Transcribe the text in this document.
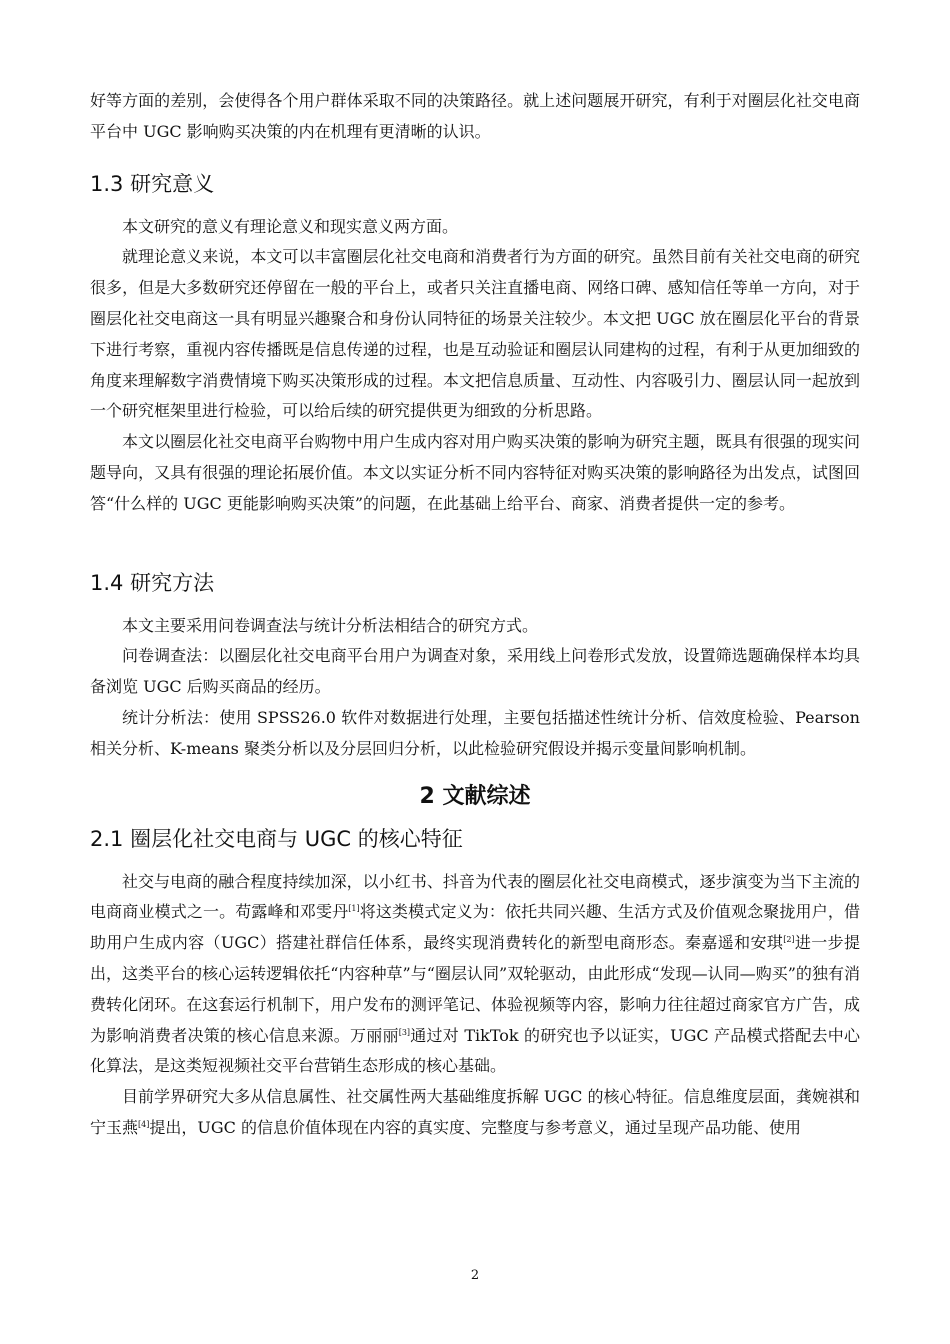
好等方面的差别，会使得各个用户群体采取不同的决策路径。就上述问题展开研究，有利于对圈层化社交电商平台中 UGC 影响购买决策的内在机理有更清晰的认识。

1.3 研究意义

本文研究的意义有理论意义和现实意义两方面。

就理论意义来说，本文可以丰富圈层化社交电商和消费者行为方面的研究。虽然目前有关社交电商的研究很多，但是大多数研究还停留在一般的平台上，或者只关注直播电商、网络口碑、感知信任等单一方向，对于圈层化社交电商这一具有明显兴趣聚合和身份认同特征的场景关注较少。本文把 UGC 放在圈层化平台的背景下进行考察，重视内容传播既是信息传递的过程，也是互动验证和圈层认同建构的过程，有利于从更加细致的角度来理解数字消费情境下购买决策形成的过程。本文把信息质量、互动性、内容吸引力、圈层认同一起放到一个研究框架里进行检验，可以给后续的研究提供更为细致的分析思路。

本文以圈层化社交电商平台购物中用户生成内容对用户购买决策的影响为研究主题，既具有很强的现实问题导向，又具有很强的理论拓展价值。本文以实证分析不同内容特征对购买决策的影响路径为出发点，试图回答“什么样的 UGC 更能影响购买决策”的问题，在此基础上给平台、商家、消费者提供一定的参考。

1.4 研究方法

本文主要采用问卷调查法与统计分析法相结合的研究方式。

问卷调查法：以圈层化社交电商平台用户为调查对象，采用线上问卷形式发放，设置筛选题确保样本均具备浏览 UGC 后购买商品的经历。

统计分析法：使用 SPSS26.0 软件对数据进行处理，主要包括描述性统计分析、信效度检验、Pearson 相关分析、K-means 聚类分析以及分层回归分析，以此检验研究假设并揭示变量间影响机制。

2 文献综述
2.1 圈层化社交电商与 UGC 的核心特征

社交与电商的融合程度持续加深，以小红书、抖音为代表的圈层化社交电商模式，逐步演变为当下主流的电商商业模式之一。苟露峰和邓雯丹[1]将这类模式定义为：依托共同兴趣、生活方式及价值观念聚拢用户，借助用户生成内容（UGC）搭建社群信任体系，最终实现消费转化的新型电商形态。秦嘉遥和安琪[2]进一步提出，这类平台的核心运转逻辑依托“内容种草”与“圈层认同”双轮驱动，由此形成“发现—认同—购买”的独有消费转化闭环。在这套运行机制下，用户发布的测评笔记、体验视频等内容，影响力往往超过商家官方广告，成为影响消费者决策的核心信息来源。万丽丽[3]通过对 TikTok 的研究也予以证实，UGC 产品模式搭配去中心化算法，是这类短视频社交平台营销生态形成的核心基础。

目前学界研究大多从信息属性、社交属性两大基础维度拆解 UGC 的核心特征。信息维度层面，龚婉祺和宁玉燕[4]提出，UGC 的信息价值体现在内容的真实度、完整度与参考意义，通过呈现产品功能、使用

2
